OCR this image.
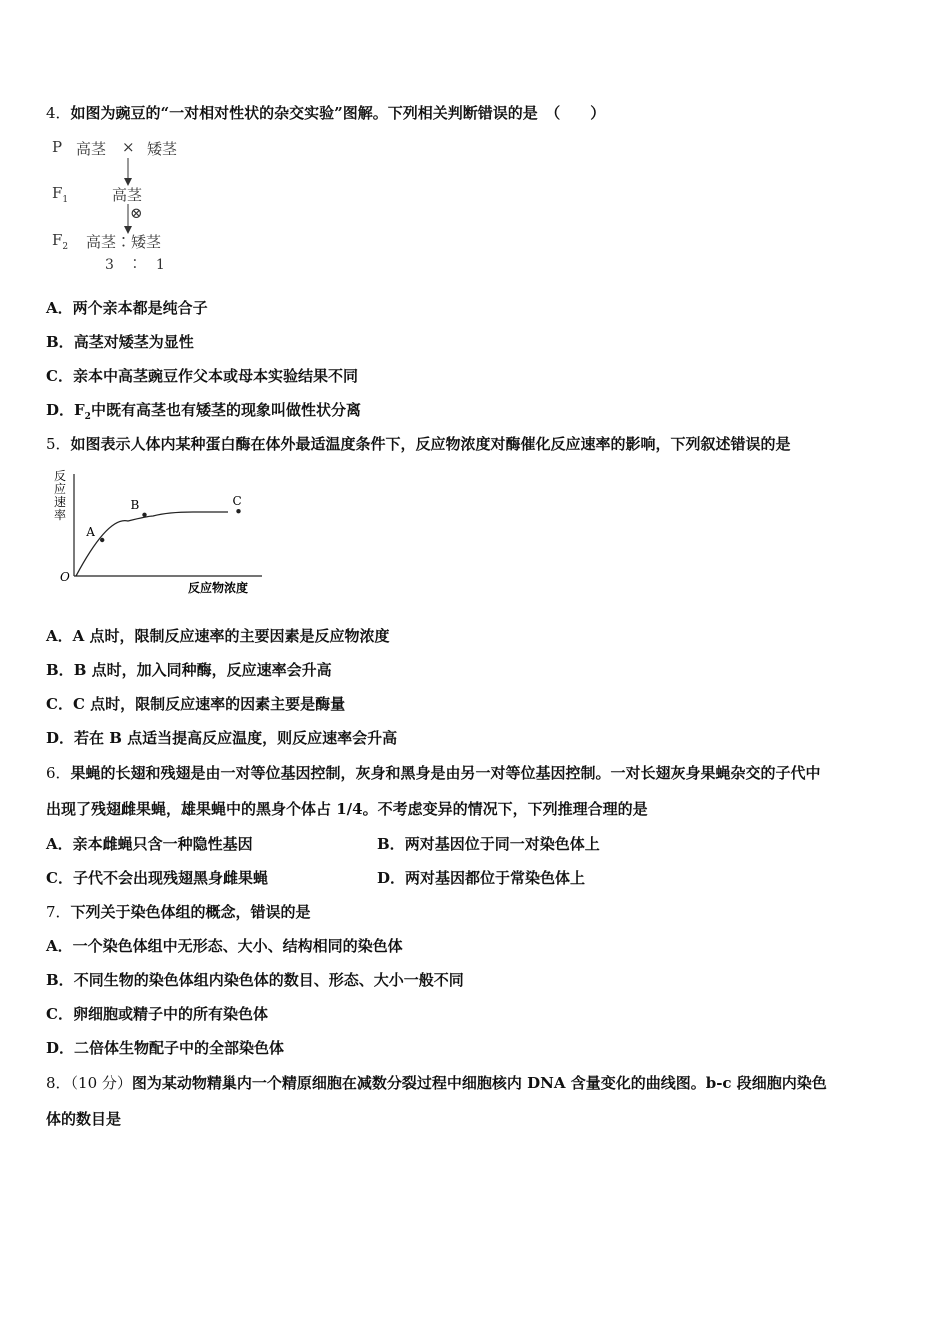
4．如图为豌豆的“一对相对性状的杂交实验”图解。下列相关判断错误的是　（　　）
P 高茎 × 矮茎
$F_1$	高茎
⊗
$F_2$ 高茎∶矮茎
3　∶　1
A．两个亲本都是纯合子
B．高茎对矮茎为显性
C．亲本中高茎豌豆作父本或母本实验结果不同
D．$F_2$中既有高茎也有矮茎的现象叫做性状分离
5．如图表示人体内某种蛋白酶在体外最适温度条件下，反应物浓度对酶催化反应速率的影响，下列叙述错误的是
A
B	C
反
应
速
率
O
反应物浓度
A．A 点时，限制反应速率的主要因素是反应物浓度
B．B 点时，加入同种酶，反应速率会升高
C．C 点时，限制反应速率的因素主要是酶量
D．若在 B 点适当提高反应温度，则反应速率会升高
6．果蝇的长翅和残翅是由一对等位基因控制，灰身和黑身是由另一对等位基因控制。一对长翅灰身果蝇杂交的子代中
出现了残翅雌果蝇，雄果蝇中的黑身个体占 1/4。不考虑变异的情况下，下列推理合理的是
A．亲本雌蝇只含一种隐性基因	B．两对基因位于同一对染色体上
C．子代不会出现残翅黑身雌果蝇	D．两对基因都位于常染色体上
7．下列关于染色体组的概念，错误的是
A．一个染色体组中无形态、大小、结构相同的染色体
B．不同生物的染色体组内染色体的数目、形态、大小一般不同
C．卵细胞或精子中的所有染色体
D．二倍体生物配子中的全部染色体
8．（10 分）图为某动物精巢内一个精原细胞在减数分裂过程中细胞核内 DNA 含量变化的曲线图。b-c 段细胞内染色
体的数目是
